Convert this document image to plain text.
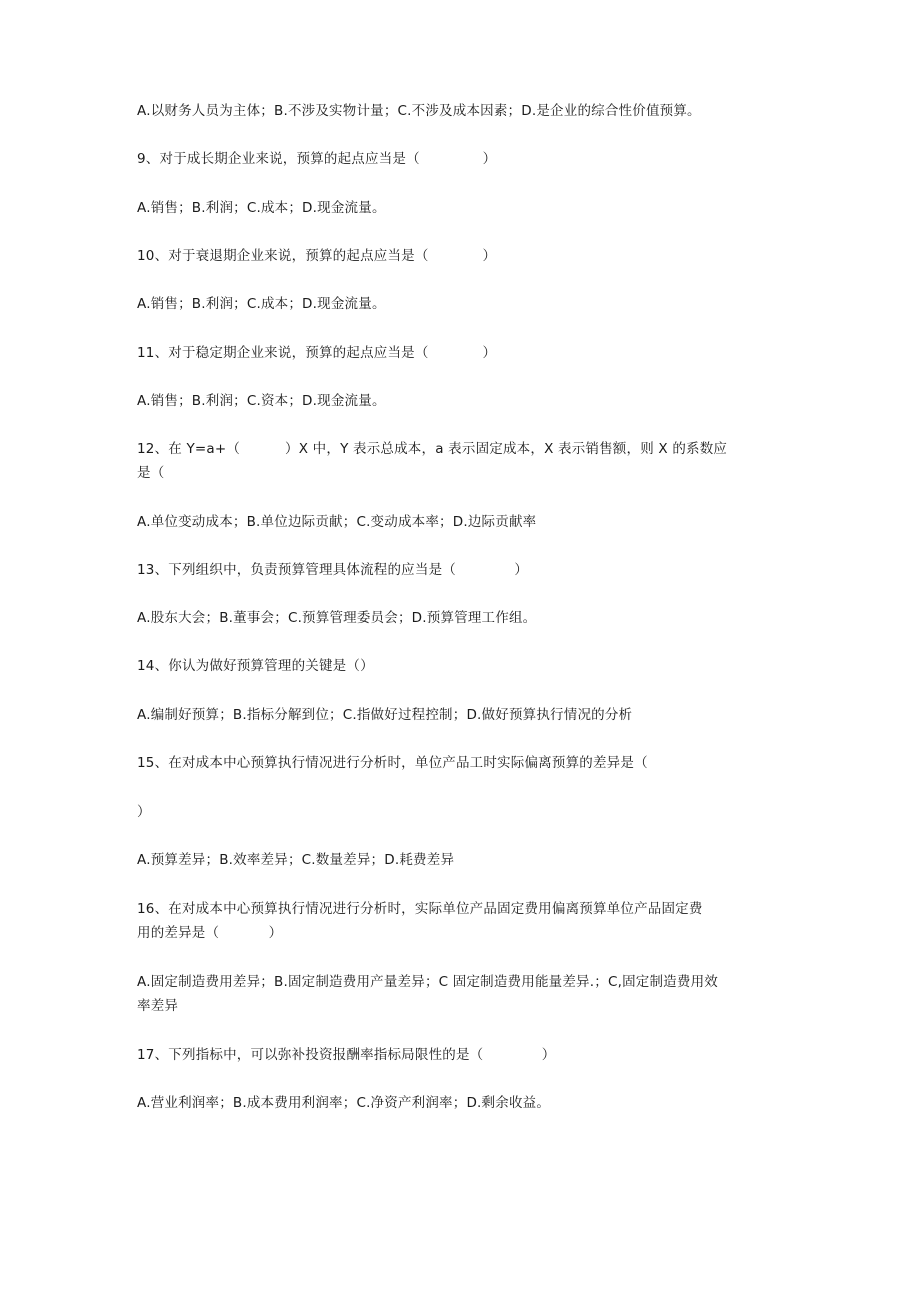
A.以财务人员为主体；B.不涉及实物计量；C.不涉及成本因素；D.是企业的综合性价值预算。
9、对于成长期企业来说，预算的起点应当是（              ）
A.销售；B.利润；C.成本；D.现金流量。
10、对于衰退期企业来说，预算的起点应当是（            ）
A.销售；B.利润；C.成本；D.现金流量。
11、对于稳定期企业来说，预算的起点应当是（            ）
A.销售；B.利润；C.资本；D.现金流量。
12、在 Y=a+（          ）X 中，Y 表示总成本，a 表示固定成本，X 表示销售额，则 X 的系数应
是（
A.单位变动成本；B.单位边际贡献；C.变动成本率；D.边际贡献率
13、下列组织中，负责预算管理具体流程的应当是（             ）
A.股东大会；B.董事会；C.预算管理委员会；D.预算管理工作组。
14、你认为做好预算管理的关键是（）
A.编制好预算；B.指标分解到位；C.指做好过程控制；D.做好预算执行情况的分析
15、在对成本中心预算执行情况进行分析时，单位产品工时实际偏离预算的差异是（
）
A.预算差异；B.效率差异；C.数量差异；D.耗费差异
16、在对成本中心预算执行情况进行分析时，实际单位产品固定费用偏离预算单位产品固定费
用的差异是（           ）
A.固定制造费用差异；B.固定制造费用产量差异；C 固定制造费用能量差异.；C,固定制造费用效
率差异
17、下列指标中，可以弥补投资报酬率指标局限性的是（             ）
A.营业利润率；B.成本费用利润率；C.净资产利润率；D.剩余收益。
